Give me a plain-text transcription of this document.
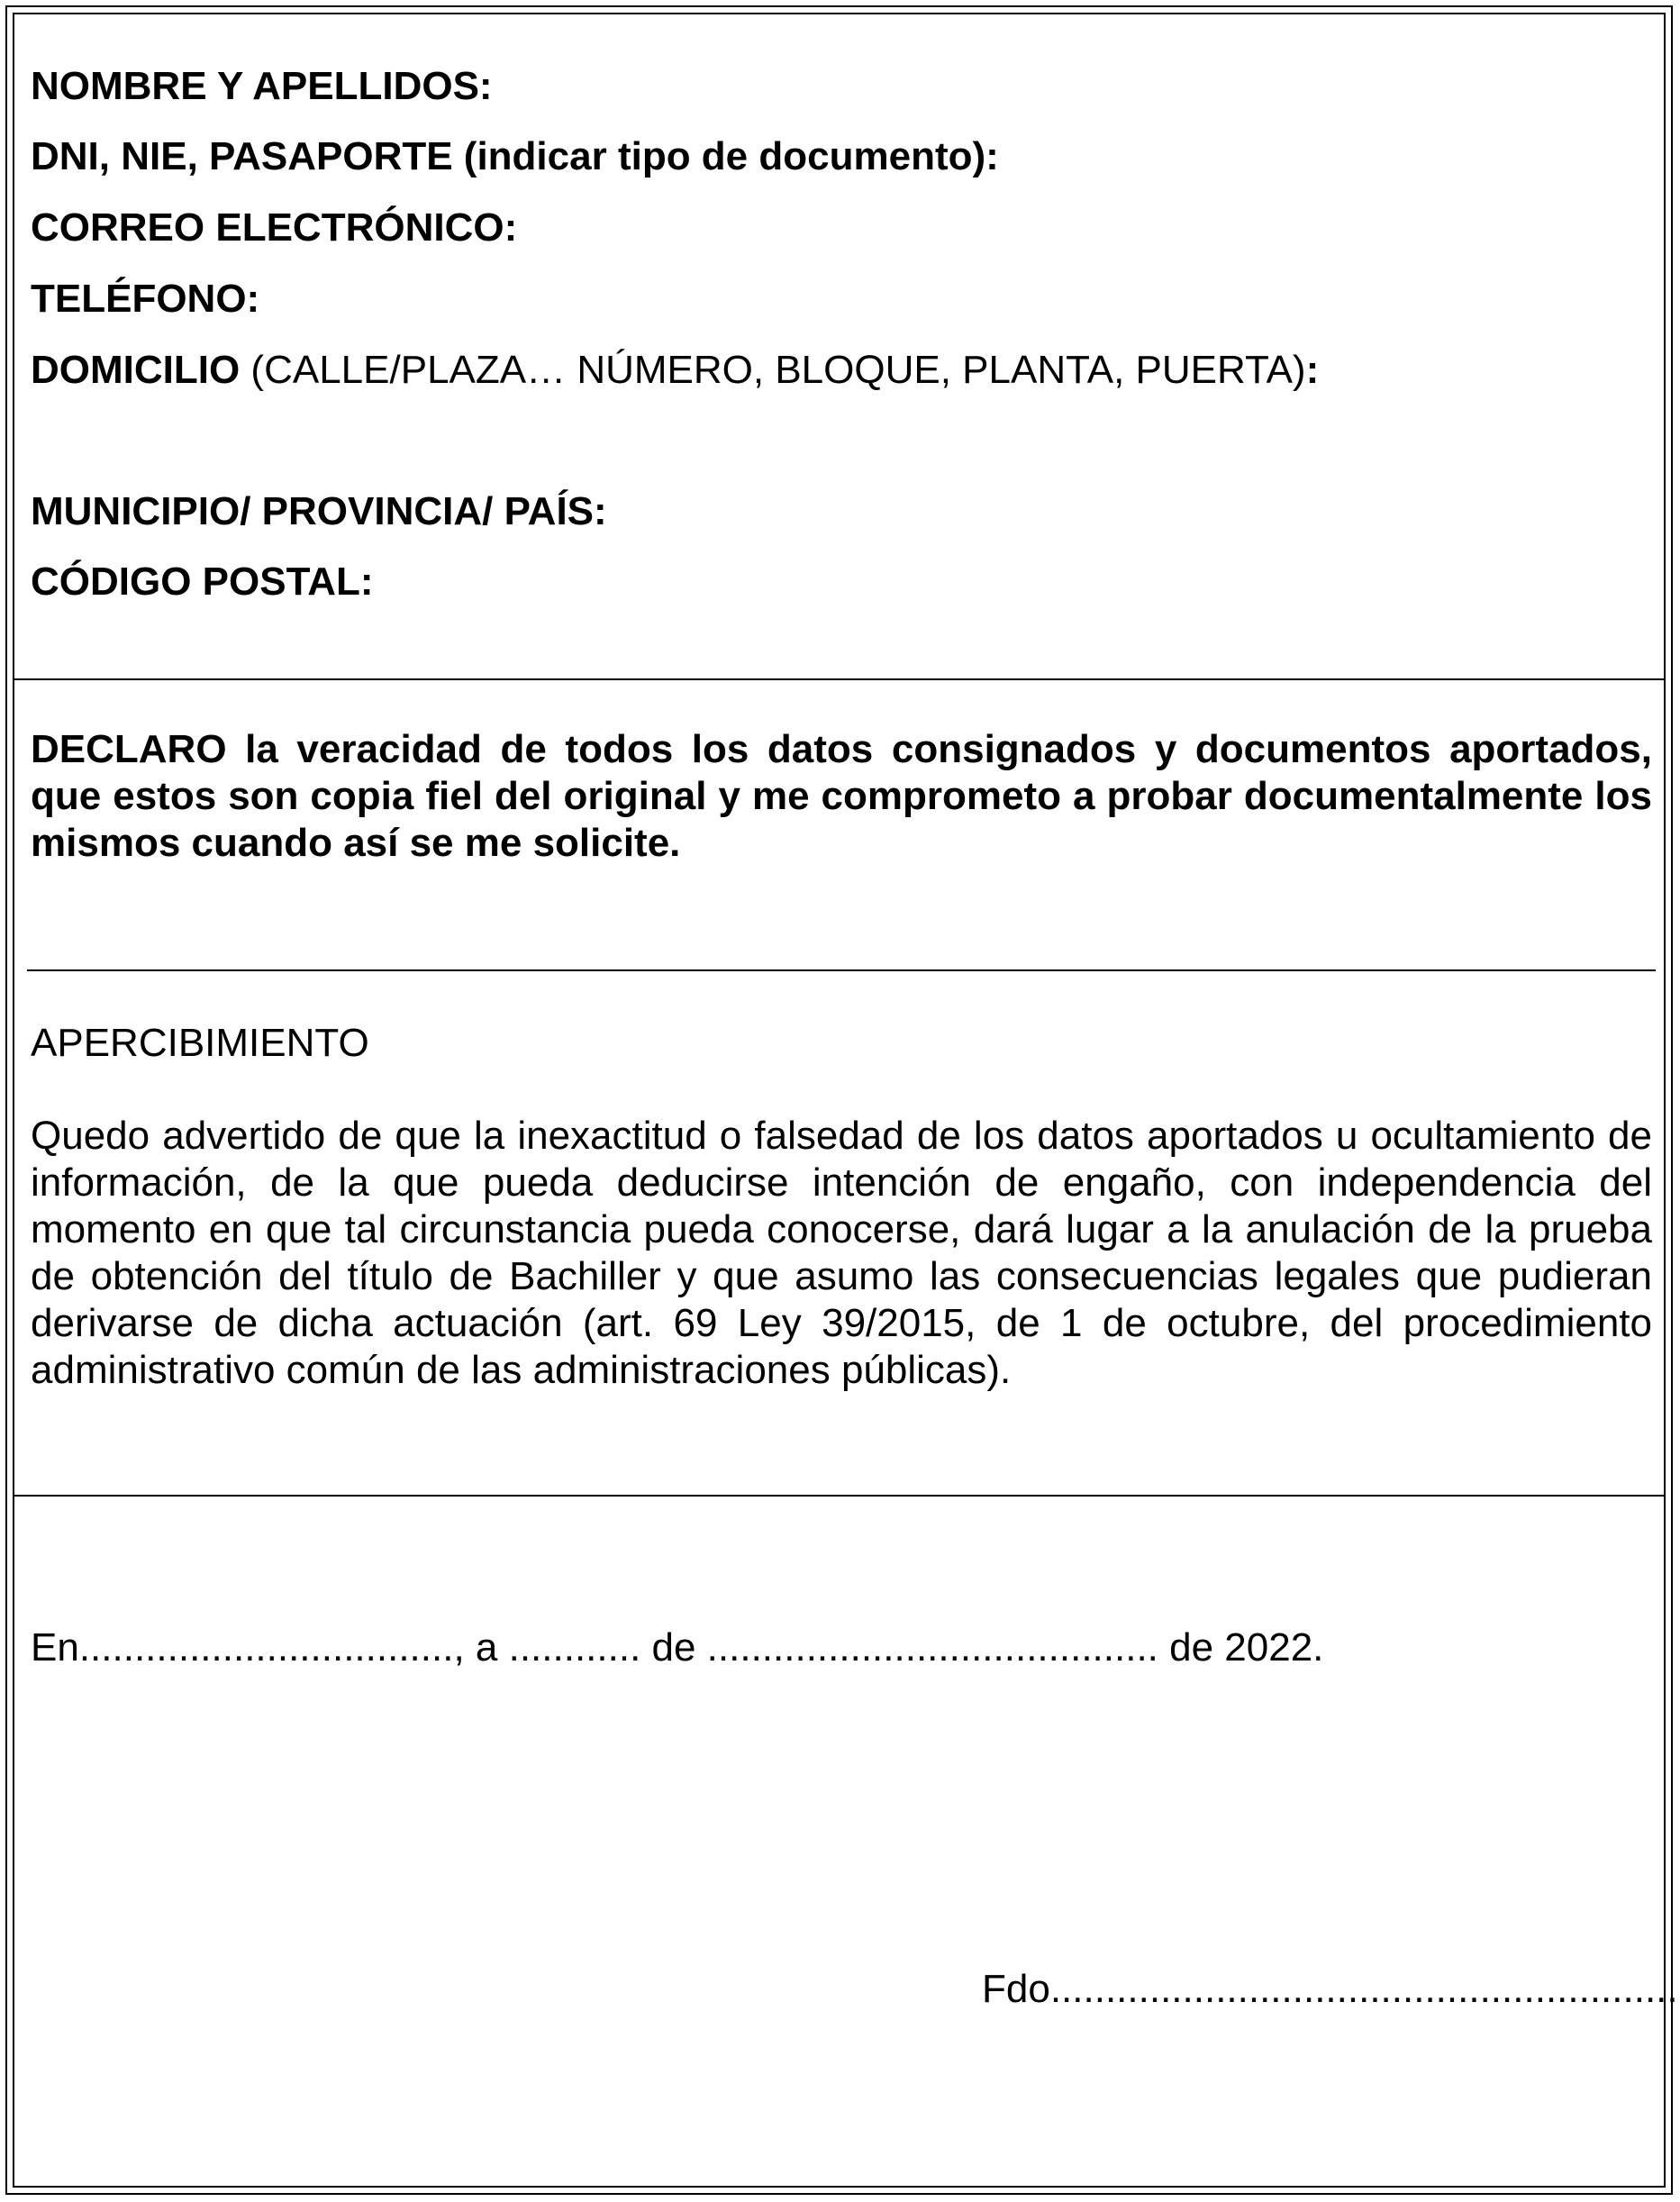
NOMBRE Y APELLIDOS:
DNI, NIE, PASAPORTE (indicar tipo de documento):
CORREO ELECTRÓNICO:
TELÉFONO:
DOMICILIO (CALLE/PLAZA… NÚMERO, BLOQUE, PLANTA, PUERTA):
MUNICIPIO/ PROVINCIA/ PAÍS:
CÓDIGO POSTAL:
DECLARO la veracidad de todos los datos consignados y documentos aportados, que estos son copia fiel del original y me comprometo a probar documentalmente los mismos cuando así se me solicite.
APERCIBIMIENTO
Quedo advertido de que la inexactitud o falsedad de los datos aportados u ocultamiento de información, de la que pueda deducirse intención de engaño, con independencia del momento en que tal circunstancia pueda conocerse, dará lugar a la anulación de la prueba de obtención del título de Bachiller y que asumo las consecuencias legales que pudieran derivarse de dicha actuación (art. 69 Ley 39/2015, de 1 de octubre, del procedimiento administrativo común de las administraciones públicas).
En.................................., a ............ de ......................................... de 2022.
Fdo.........................................................
